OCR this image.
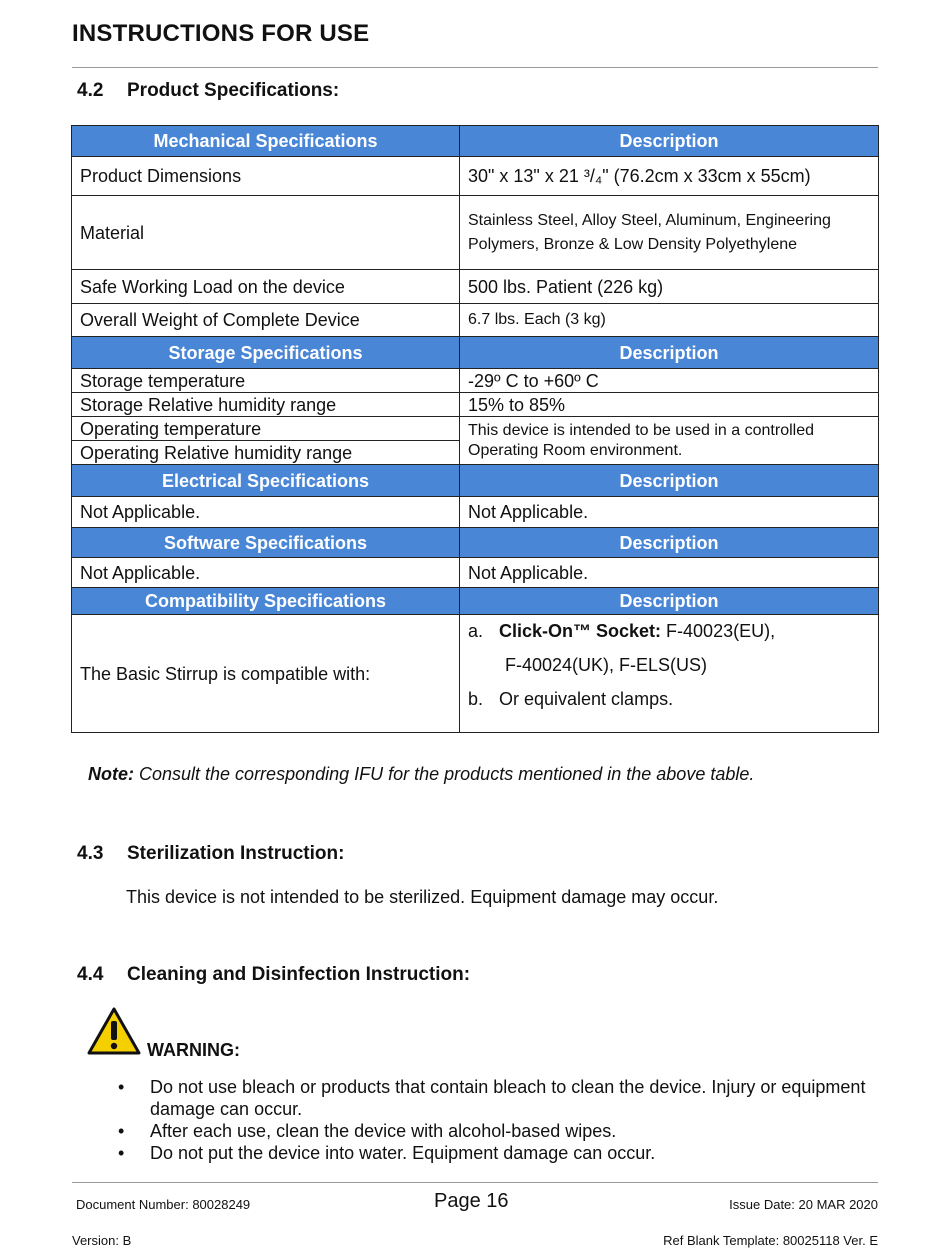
INSTRUCTIONS FOR USE
4.2 Product Specifications:
Mechanical Specifications	Description
Product Dimensions	30" x 13" x 21 ³/₄" (76.2cm x 33cm x 55cm)
Material	Stainless Steel, Alloy Steel, Aluminum, Engineering Polymers, Bronze & Low Density Polyethylene
Safe Working Load on the device	500 lbs. Patient (226 kg)
Overall Weight of Complete Device	6.7 lbs. Each (3 kg)
Storage Specifications	Description
Storage temperature	-29º C to +60º C
Storage Relative humidity range	15% to 85%
Operating temperature	This device is intended to be used in a controlled Operating Room environment.
Operating Relative humidity range	
Electrical Specifications	Description
Not Applicable.	Not Applicable.
Software Specifications	Description
Not Applicable.	Not Applicable.
Compatibility Specifications	Description
The Basic Stirrup is compatible with:	a. Click-On™ Socket: F-40023(EU),
F-40024(UK), F-ELS(US)
b. Or equivalent clamps.
Note: Consult the corresponding IFU for the products mentioned in the above table.
4.3 Sterilization Instruction:
This device is not intended to be sterilized. Equipment damage may occur.
4.4 Cleaning and Disinfection Instruction:
WARNING:
• Do not use bleach or products that contain bleach to clean the device. Injury or equipment damage can occur.
• After each use, clean the device with alcohol-based wipes.
• Do not put the device into water. Equipment damage can occur.
Document Number: 80028249	Page 16	Issue Date: 20 MAR 2020
Version: B	Ref Blank Template: 80025118 Ver. E
